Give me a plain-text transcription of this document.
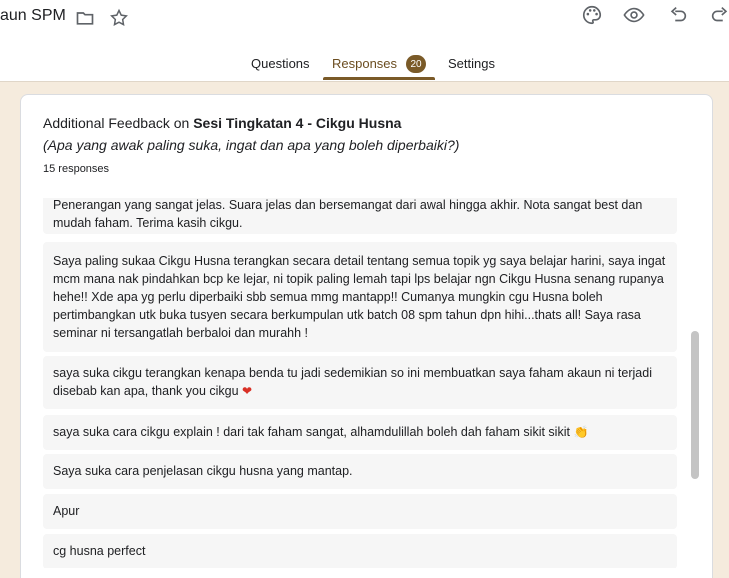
aun SPM
Questions Responses	20	Settings
Additional Feedback on Sesi Tingkatan 4 - Cikgu Husna
(Apa yang awak paling suka, ingat dan apa yang boleh diperbaiki?)
15 responses
Penerangan yang sangat jelas. Suara jelas dan bersemangat dari awal hingga akhir. Nota sangat best dan mudah faham. Terima kasih cikgu.
Saya paling sukaa Cikgu Husna terangkan secara detail tentang semua topik yg saya belajar harini, saya ingat mcm mana nak pindahkan bcp ke lejar, ni topik paling lemah tapi lps belajar ngn Cikgu Husna senang rupanya hehe!! Xde apa yg perlu diperbaiki sbb semua mmg mantapp!! Cumanya mungkin cgu Husna boleh pertimbangkan utk buka tusyen secara berkumpulan utk batch 08 spm tahun dpn hihi...thats all! Saya rasa seminar ni tersangatlah berbaloi dan murahh !
saya suka cikgu terangkan kenapa benda tu jadi sedemikian so ini membuatkan saya faham akaun ni terjadi disebab kan apa, thank you cikgu ❤
saya suka cara cikgu explain ! dari tak faham sangat, alhamdulillah boleh dah faham sikit sikit 👏
Saya suka cara penjelasan cikgu husna yang mantap.
Apur
cg husna perfect
